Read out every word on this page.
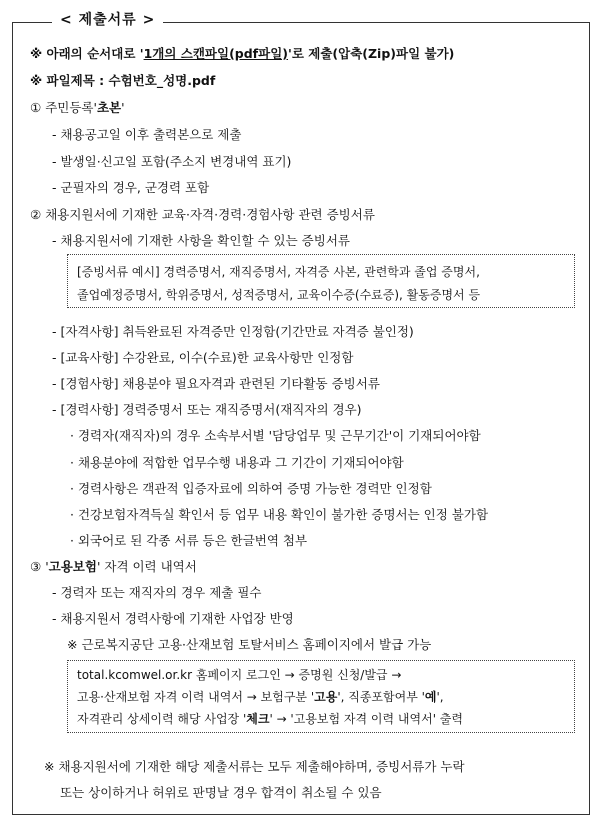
< 제출서류 >
※ 아래의 순서대로 '1개의 스캔파일(pdf파일)'로 제출(압축(Zip)파일 불가)
※ 파일제목 : 수험번호_성명.pdf
① 주민등록'초본'
- 채용공고일 이후 출력본으로 제출
- 발생일·신고일 포함(주소지 변경내역 표기)
- 군필자의 경우, 군경력 포함
② 채용지원서에 기재한 교육·자격·경력·경험사항 관련 증빙서류
- 채용지원서에 기재한 사항을 확인할 수 있는 증빙서류
[증빙서류 예시] 경력증명서, 재직증명서, 자격증 사본, 관련학과 졸업 증명서,
졸업예정증명서, 학위증명서, 성적증명서, 교육이수증(수료증), 활동증명서 등
- [자격사항] 취득완료된 자격증만 인정함(기간만료 자격증 불인정)
- [교육사항] 수강완료, 이수(수료)한 교육사항만 인정함
- [경험사항] 채용분야 필요자격과 관련된 기타활동 증빙서류
- [경력사항] 경력증명서 또는 재직증명서(재직자의 경우)
· 경력자(재직자)의 경우 소속부서별 '담당업무 및 근무기간'이 기재되어야함
· 채용분야에 적합한 업무수행 내용과 그 기간이 기재되어야함
· 경력사항은 객관적 입증자료에 의하여 증명 가능한 경력만 인정함
· 건강보험자격득실 확인서 등 업무 내용 확인이 불가한 증명서는 인정 불가함
· 외국어로 된 각종 서류 등은 한글번역 첨부
③ '고용보험' 자격 이력 내역서
- 경력자 또는 재직자의 경우 제출 필수
- 채용지원서 경력사항에 기재한 사업장 반영
※ 근로복지공단 고용·산재보험 토탈서비스 홈페이지에서 발급 가능
total.kcomwel.or.kr 홈페이지 로그인 → 증명원 신청/발급 →
고용·산재보험 자격 이력 내역서 → 보험구분 '고용', 직종포함여부 '예',
자격관리 상세이력 해당 사업장 '체크' → '고용보험 자격 이력 내역서' 출력
※ 채용지원서에 기재한 해당 제출서류는 모두 제출해야하며, 증빙서류가 누락
또는 상이하거나 허위로 판명날 경우 합격이 취소될 수 있음
